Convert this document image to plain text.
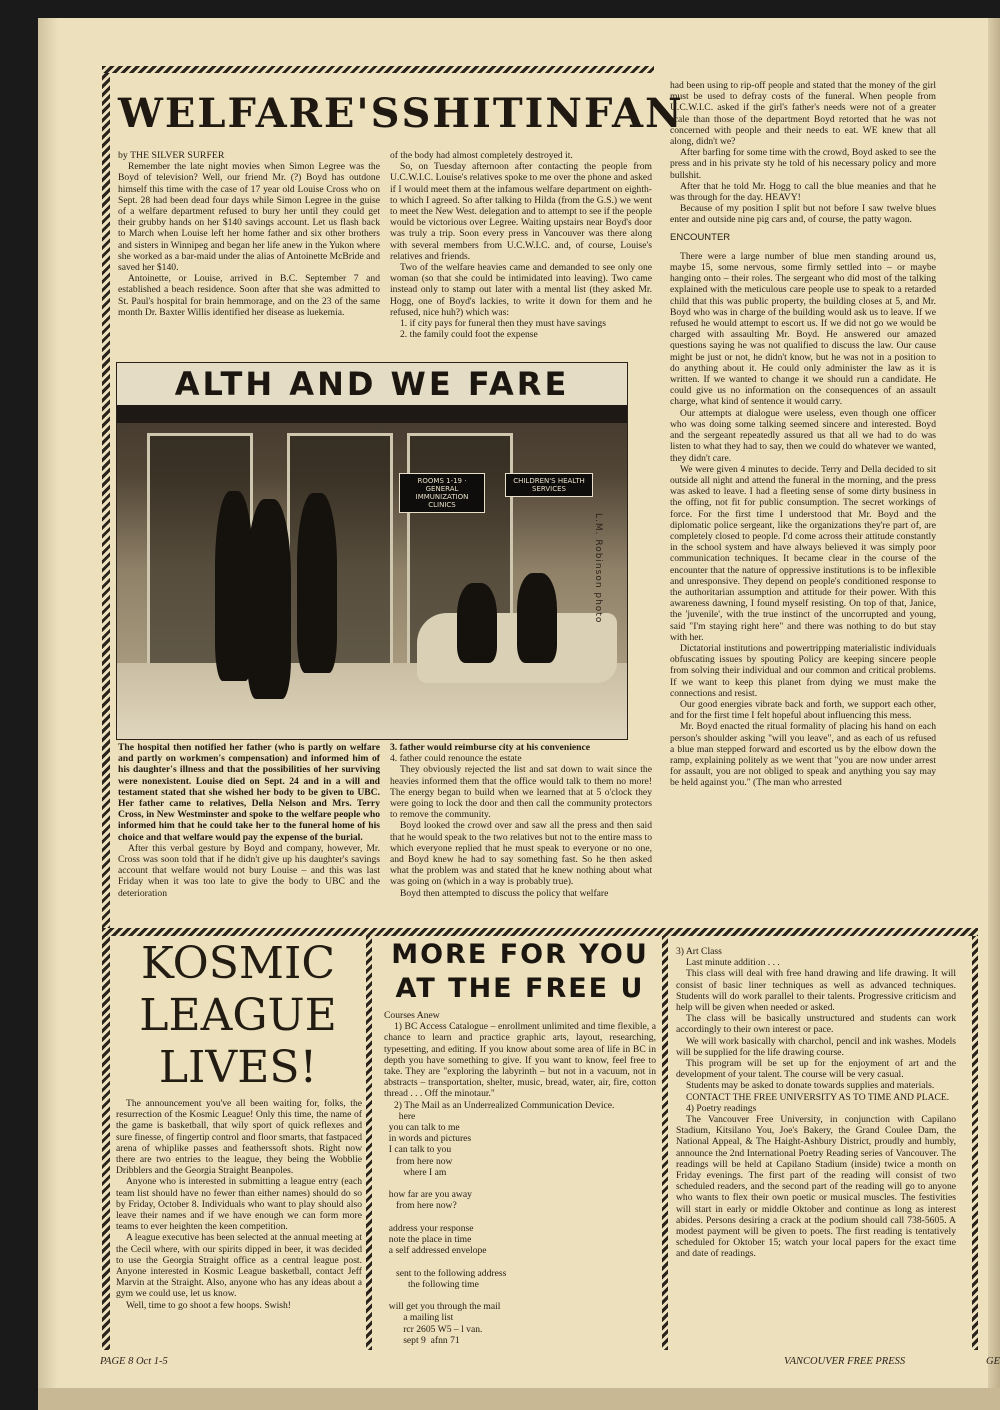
WELFARE'S SHIT IN FAN

by THE SILVER SURFER

Remember the late night movies when Simon Legree was the Boyd of television? Well, our friend Mr. (?) Boyd has outdone himself this time with the case of 17 year old Louise Cross who on Sept. 28 had been dead four days while Simon Legree in the guise of a welfare department refused to bury her until they could get their grubby hands on her $140 savings account. Let us flash back to March when Louise left her home father and six other brothers and sisters in Winnipeg and began her life anew in the Yukon where she worked as a bar-maid under the alias of Antoinette McBride and saved her $140.

Antoinette, or Louise, arrived in B.C. September 7 and established a beach residence. Soon after that she was admitted to St. Paul's hospital for brain hemmorage, and on the 23 of the same month Dr. Baxter Willis identified her disease as luekemia.

of the body had almost completely destroyed it.

So, on Tuesday afternoon after contacting the people from U.C.W.I.C. Louise's relatives spoke to me over the phone and asked if I would meet them at the infamous welfare department on eighth- to which I agreed. So after talking to Hilda (from the G.S.) we went to meet the New West. delegation and to attempt to see if the people would be victorious over Legree. Waiting upstairs near Boyd's door was truly a trip. Soon every press in Vancouver was there along with several members from U.C.W.I.C. and, of course, Louise's relatives and friends.

Two of the welfare heavies came and demanded to see only one woman (so that she could be intimidated into leaving). Two came instead only to stamp out later with a mental list (they asked Mr. Hogg, one of Boyd's lackies, to write it down for them and he refused, nice huh?) which was:

1. if city pays for funeral then they must have savings

2. the family could foot the expense

ALTH AND WE FARE
ROOMS 1-19 · GENERAL IMMUNIZATION CLINICS
CHILDREN'S HEALTH SERVICES
L.M. Robinson photo

The hospital then notified her father (who is partly on welfare and partly on workmen's compensation) and informed him of his daughter's illness and that the possibilities of her surviving were nonexistent. Louise died on Sept. 24 and in a will and testament stated that she wished her body to be given to UBC. Her father came to relatives, Della Nelson and Mrs. Terry Cross, in New Westminster and spoke to the welfare people who informed him that he could take her to the funeral home of his choice and that welfare would pay the expense of the burial.

After this verbal gesture by Boyd and company, however, Mr. Cross was soon told that if he didn't give up his daughter's savings account that welfare would not bury Louise – and this was last Friday when it was too late to give the body to UBC and the deterioration

3. father would reimburse city at his convenience

4. father could renounce the estate

They obviously rejected the list and sat down to wait since the heavies informed them that the office would talk to them no more! The energy began to build when we learned that at 5 o'clock they were going to lock the door and then call the community protectors to remove the community.

Boyd looked the crowd over and saw all the press and then said that he would speak to the two relatives but not to the entire mass to which everyone replied that he must speak to everyone or no one, and Boyd knew he had to say something fast. So he then asked what the problem was and stated that he knew nothing about what was going on (which in a way is probably true).

Boyd then attempted to discuss the policy that welfare

had been using to rip-off people and stated that the money of the girl must be used to defray costs of the funeral. When people from U.C.W.I.C. asked if the girl's father's needs were not of a greater scale than those of the department Boyd retorted that he was not concerned with people and their needs to eat. WE knew that all along, didn't we?

After barfing for some time with the crowd, Boyd asked to see the press and in his private sty he told of his necessary policy and more bullshit.

After that he told Mr. Hogg to call the blue meanies and that he was through for the day. HEAVY!

Because of my position I split but not before I saw twelve blues enter and outside nine pig cars and, of course, the patty wagon.

ENCOUNTER

There were a large number of blue men standing around us, maybe 15, some nervous, some firmly settled into – or maybe hanging onto – their roles. The sergeant who did most of the talking explained with the meticulous care people use to speak to a retarded child that this was public property, the building closes at 5, and Mr. Boyd who was in charge of the building would ask us to leave. If we refused he would attempt to escort us. If we did not go we would be charged with assaulting Mr. Boyd. He answered our amazed questions saying he was not qualified to discuss the law. Our cause might be just or not, he didn't know, but he was not in a position to do anything about it. He could only administer the law as it is written. If we wanted to change it we should run a candidate. He could give us no information on the consequences of an assault charge, what kind of sentence it would carry.

Our attempts at dialogue were useless, even though one officer who was doing some talking seemed sincere and interested. Boyd and the sergeant repeatedly assured us that all we had to do was listen to what they had to say, then we could do whatever we wanted, they didn't care.

We were given 4 minutes to decide. Terry and Della decided to sit outside all night and attend the funeral in the morning, and the press was asked to leave. I had a fleeting sense of some dirty business in the offing, not fit for public consumption. The secret workings of force. For the first time I understood that Mr. Boyd and the diplomatic police sergeant, like the organizations they're part of, are completely closed to people. I'd come across their attitude constantly in the school system and have always believed it was simply poor communication techniques. It became clear in the course of the encounter that the nature of oppressive institutions is to be inflexible and unresponsive. They depend on people's conditioned response to the authoritarian assumption and attitude for their power. With this awareness dawning, I found myself resisting. On top of that, Janice, the 'juvenile', with the true instinct of the uncorrupted and young, said "I'm staying right here" and there was nothing to do but stay with her.

Dictatorial institutions and powertripping materialistic individuals obfuscating issues by spouting Policy are keeping sincere people from solving their individual and our common and critical problems. If we want to keep this planet from dying we must make the connections and resist.

Our good energies vibrate back and forth, we support each other, and for the first time I felt hopeful about influencing this mess.

Mr. Boyd enacted the ritual formality of placing his hand on each person's shoulder asking "will you leave", and as each of us refused a blue man stepped forward and escorted us by the elbow down the ramp, explaining politely as we went that "you are now under arrest for assault, you are not obliged to speak and anything you say may be held against you." (The man who arrested

KOSMIC
LEAGUE
LIVES!

The announcement you've all been waiting for, folks, the resurrection of the Kosmic League! Only this time, the name of the game is basketball, that wily sport of quick reflexes and sure finesse, of fingertip control and floor smarts, that fastpaced arena of whiplike passes and featherssoft shots. Right now there are two entries to the league, they being the Wobblie Dribblers and the Georgia Straight Beanpoles.

Anyone who is interested in submitting a league entry (each team list should have no fewer than either names) should do so by Friday, October 8. Individuals who want to play should also leave their names and if we have enough we can form more teams to ever heighten the keen competition.

A league executive has been selected at the annual meeting at the Cecil where, with our spirits dipped in beer, it was decided to use the Georgia Straight office as a central league post. Anyone interested in Kosmic League basketball, contact Jeff Marvin at the Straight. Also, anyone who has any ideas about a gym we could use, let us know.

Well, time to go shoot a few hoops. Swish!

MORE FOR YOU
AT THE FREE U

Courses Anew

1) BC Access Catalogue – enrollment unlimited and time flexible, a chance to learn and practice graphic arts, layout, researching, typesetting, and editing. If you know about some area of life in BC in depth you have something to give. If you want to know, feel free to take. They are "exploring the labyrinth – but not in a vacuum, not in abstracts – transportation, shelter, music, bread, water, air, fire, cotton thread . . . Off the minotaur."

2) The Mail as an Underrealized Communication Device.

here
you can talk to me
in words and pictures
I can talk to you
from here now
where I am

how far are you away
from here now?

address your response
note the place in time
a self addressed envelope

sent to the following address
the following time

will get you through the mail
a mailing list
rcr 2605 W5 – l van.
sept 9  afnn 71

3) Art Class

Last minute addition . . .

This class will deal with free hand drawing and life drawing. It will consist of basic liner techniques as well as advanced techniques. Students will do work parallel to their talents. Progressive criticism and help will be given when needed or asked.

The class will be basically unstructured and students can work accordingly to their own interest or pace.

We will work basically with charchol, pencil and ink washes. Models will be supplied for the life drawing course.

This program will be set up for the enjoyment of art and the development of your talent. The course will be very casual.

Students may be asked to donate towards supplies and materials.

CONTACT THE FREE UNIVERSITY AS TO TIME AND PLACE.

4) Poetry readings

The Vancouver Free University, in conjunction with Capilano Stadium, Kitsilano You, Joe's Bakery, the Grand Coulee Dam, the National Appeal, & The Haight-Ashbury District, proudly and humbly, announce the 2nd International Poetry Reading series of Vancouver. The readings will be held at Capilano Stadium (inside) twice a month on Friday evenings. The first part of the reading will consist of two scheduled readers, and the second part of the reading will go to anyone who wants to flex their own poetic or musical muscles. The festivities will start in early or middle Oktober and continue as long as interest abides. Persons desiring a crack at the podium should call 738-5605. A modest payment will be given to poets. The first reading is tentatively scheduled for Oktober 15; watch your local papers for the exact time and date of readings.

PAGE 8 Oct 1-5	VANCOUVER FREE PRESS	GE
